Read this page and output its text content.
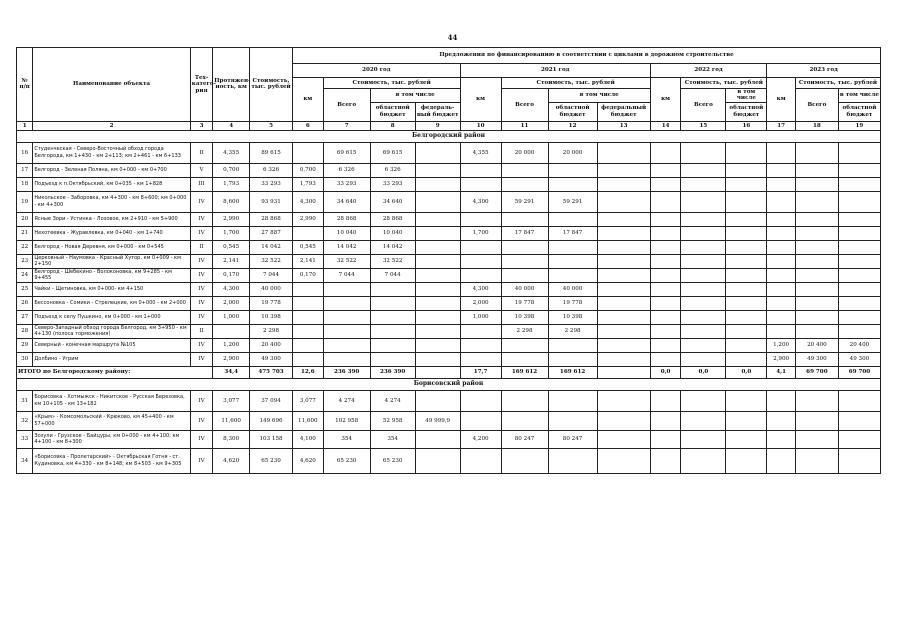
44
№ п/п	Наименование объекта	Тех-катего-рия	Протяжен-ность, км	Стоимость, тыс. рублей	Предложения по финансированию в соответствии с циклами в дорожном строительстве													
					2020 год				2021 год				2022 год			2023 год		
					км	Стоимость, тыс. рублей			км	Стоимость, тыс. рублей			км	Стоимость, тыс. рублей		км	Стоимость, тыс. рублей	
						Всего	в том числе			Всего	в том числе			Всего	в том числе		Всего	в том числе
							областной бюджет	федераль-ный бюджет			областной бюджет	федеральный бюджет			областной бюджет			областной бюджет
1	2	3	4	5	6	7	8	9	10	11	12	13	14	15	16	17	18	19
Белгородский район																		
16	Студенческая - Северо-Восточный обход города Белгорода, км 1+430 - км 2+113; км 2+461 - км 6+133	II	4,355	89 615		69 615	69 615		4,355	20 000	20 000							
17	Белгород - Зеленая Поляна, км 0+000 - км 0+700	V	0,700	6 326	0,700	6 326	6 326											
18	Подъезд к п.Октябрьский, км 0+035 - км 1+828	III	1,793	33 293	1,793	33 293	33 293											
19	Никольское - Заборовка, км 4+300 - км 8+600; км 0+000 - км 4+300	IV	8,600	93 931	4,300	34 640	34 640		4,300	59 291	59 291							
20	Ясные Зори - Устинка - Лозовое, км 2+910 - км 5+900	IV	2,990	28 868	2,990	28 868	28 868											
21	Нехотеевка - Журавлевка, км 0+040 - км 1+740	IV	1,700	27 887		10 040	10 040		1,700	17 847	17 847							
22	Белгород - Новая Деревня, км 0+000 - км 0+545	II	0,545	14 042	0,545	14 042	14 042											
23	Церковный - Наумовка - Красный Хутор, км 0+009 - км 2+150	IV	2,141	32 522	2,141	32 522	32 522											
24	Белгород - Шебекино - Волоконовка, км 9+285 - км 9+455	IV	0,170	7 044	0,170	7 044	7 044											
25	Чайки - Щетиновка, км 0+000- км 4+150	IV	4,300	40 000					4,300	40 000	40 000							
26	Бессоновка - Сомики - Стрелецкие, км 0+000 - км 2+000	IV	2,000	19 778					2,000	19 778	19 778							
27	Подъезд к селу Пушкино, км 0+000 - км 1+000	IV	1,000	10 398					1,000	10 398	10 398							
28	Северо-Западный обход города Белгород, км 3+950 - км 4+130 (полоса торможения)	II		2 298						2 298	2 298							
29	Северный - конечная маршрута №105	IV	1,200	20 400												1,200	20 400	20 400
30	Долбино - Угрим	IV	2,900	49 300												2,900	49 300	49 300
ИТОГО по Белгородскому району:			34,4	475 703	12,6	236 390	236 390		17,7	169 612	169 612		0,0	0,0	0,0	4,1	69 700	69 700
Борисовский район																		
31	Борисовка - Хотмыжск - Никитское - Русская Березовка, км 10+105 - км 13+182	IV	3,077	37 094	3,077	4 274	4 274											
32	«Крым» - Комсомольский - Крюково, км 45+400 - км 57+000	IV	11,600	149 696	11,600	102 958	52 958	49 999,9										
33	Зозули - Грузское - Байцуры, км 0+000 - км 4+100; км 4+100 - км 8+300	IV	8,300	103 158	4,100	354	354		4,200	80 247	80 247							
34	«Борисовка - Пролетарский» - Октябрьская Готня - ст. Кудиновка, км 4+330 - км 8+148; км 8+503 - км 9+305	IV	4,620	65 230	4,620	65 230	65 230											
